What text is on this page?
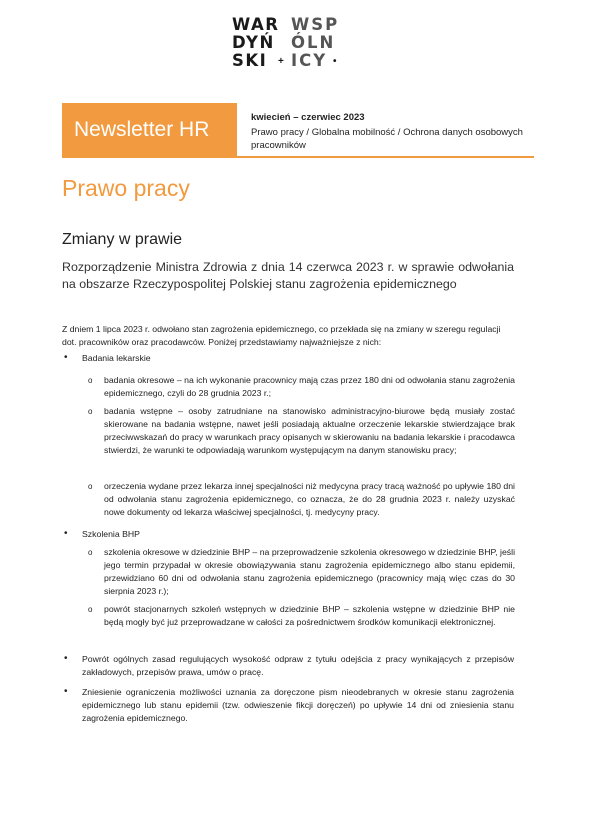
WAR
DYŃ
SKI
WSP
ÓLN
ICY
+	•
Newsletter HR
kwiecień – czerwiec 2023
Prawo pracy / Globalna mobilność / Ochrona danych osobowych pracowników
Prawo pracy
Zmiany w prawie
Rozporządzenie Ministra Zdrowia z dnia 14 czerwca 2023 r. w sprawie odwołania na obszarze Rzeczypospolitej Polskiej stanu zagrożenia epidemicznego
Z dniem 1 lipca 2023 r. odwołano stan zagrożenia epidemicznego, co przekłada się na zmiany w szeregu regulacji dot. pracowników oraz pracodawców. Poniżej przedstawiamy najważniejsze z nich:
• Badania lekarskie
o badania okresowe – na ich wykonanie pracownicy mają czas przez 180 dni od odwołania stanu zagrożenia epidemicznego, czyli do 28 grudnia 2023 r.;
o badania wstępne – osoby zatrudniane na stanowisko administracyjno-biurowe będą musiały zostać skierowane na badania wstępne, nawet jeśli posiadają aktualne orzeczenie lekarskie stwierdzające brak przeciwwskazań do pracy w warunkach pracy opisanych w skierowaniu na badania lekarskie i pracodawca stwierdzi, że warunki te odpowiadają warunkom występującym na danym stanowisku pracy;
o orzeczenia wydane przez lekarza innej specjalności niż medycyna pracy tracą ważność po upływie 180 dni od odwołania stanu zagrożenia epidemicznego, co oznacza, że do 28 grudnia 2023 r. należy uzyskać nowe dokumenty od lekarza właściwej specjalności, tj. medycyny pracy.
• Szkolenia BHP
o szkolenia okresowe w dziedzinie BHP – na przeprowadzenie szkolenia okresowego w dziedzinie BHP, jeśli jego termin przypadał w okresie obowiązywania stanu zagrożenia epidemicznego albo stanu epidemii, przewidziano 60 dni od odwołania stanu zagrożenia epidemicznego (pracownicy mają więc czas do 30 sierpnia 2023 r.);
o powrót stacjonarnych szkoleń wstępnych w dziedzinie BHP – szkolenia wstępne w dziedzinie BHP nie będą mogły być już przeprowadzane w całości za pośrednictwem środków komunikacji elektronicznej.
• Powrót ogólnych zasad regulujących wysokość odpraw z tytułu odejścia z pracy wynikających z przepisów zakładowych, przepisów prawa, umów o pracę.
• Zniesienie ograniczenia możliwości uznania za doręczone pism nieodebranych w okresie stanu zagrożenia epidemicznego lub stanu epidemii (tzw. odwieszenie fikcji doręczeń) po upływie 14 dni od zniesienia stanu zagrożenia epidemicznego.
